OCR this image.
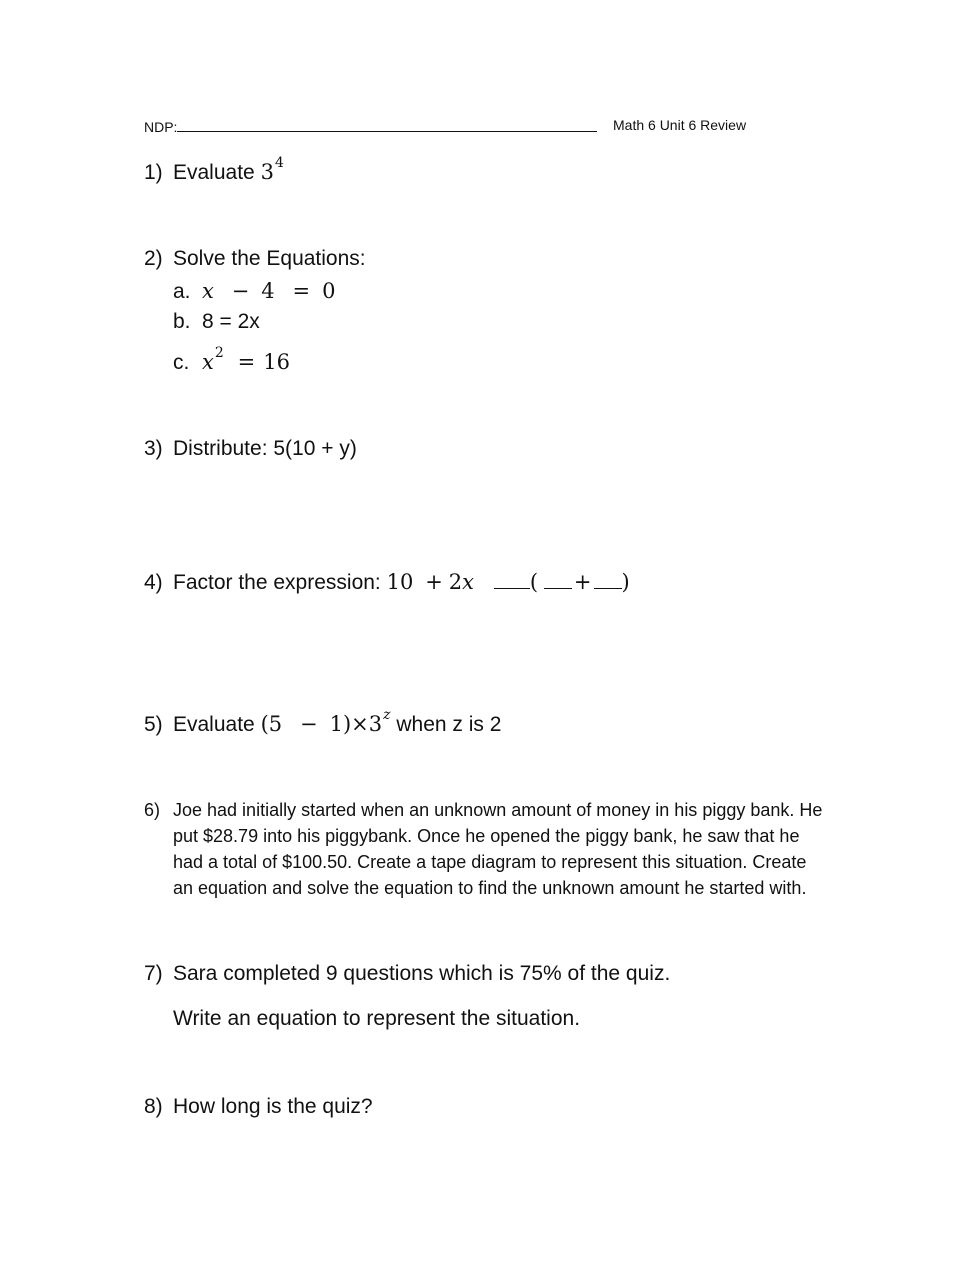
NDP:	Math 6 Unit 6 Review
1) Evaluate $3^4$
2) Solve the Equations:
a. x − 4 = 0
b. 8 = 2x
c. $x^2 = 16$
3) Distribute: 5(10 + y)
4) Factor the expression: 10 + 2x	( + )
5) Evaluate $(5 - 1)\times 3^z$ when z is 2
6) Joe had initially started when an unknown amount of money in his piggy bank. He
put $28.79 into his piggybank. Once he opened the piggy bank, he saw that he
had a total of $100.50. Create a tape diagram to represent this situation. Create
an equation and solve the equation to find the unknown amount he started with.
7) Sara completed 9 questions which is 75% of the quiz.
Write an equation to represent the situation.
8) How long is the quiz?
